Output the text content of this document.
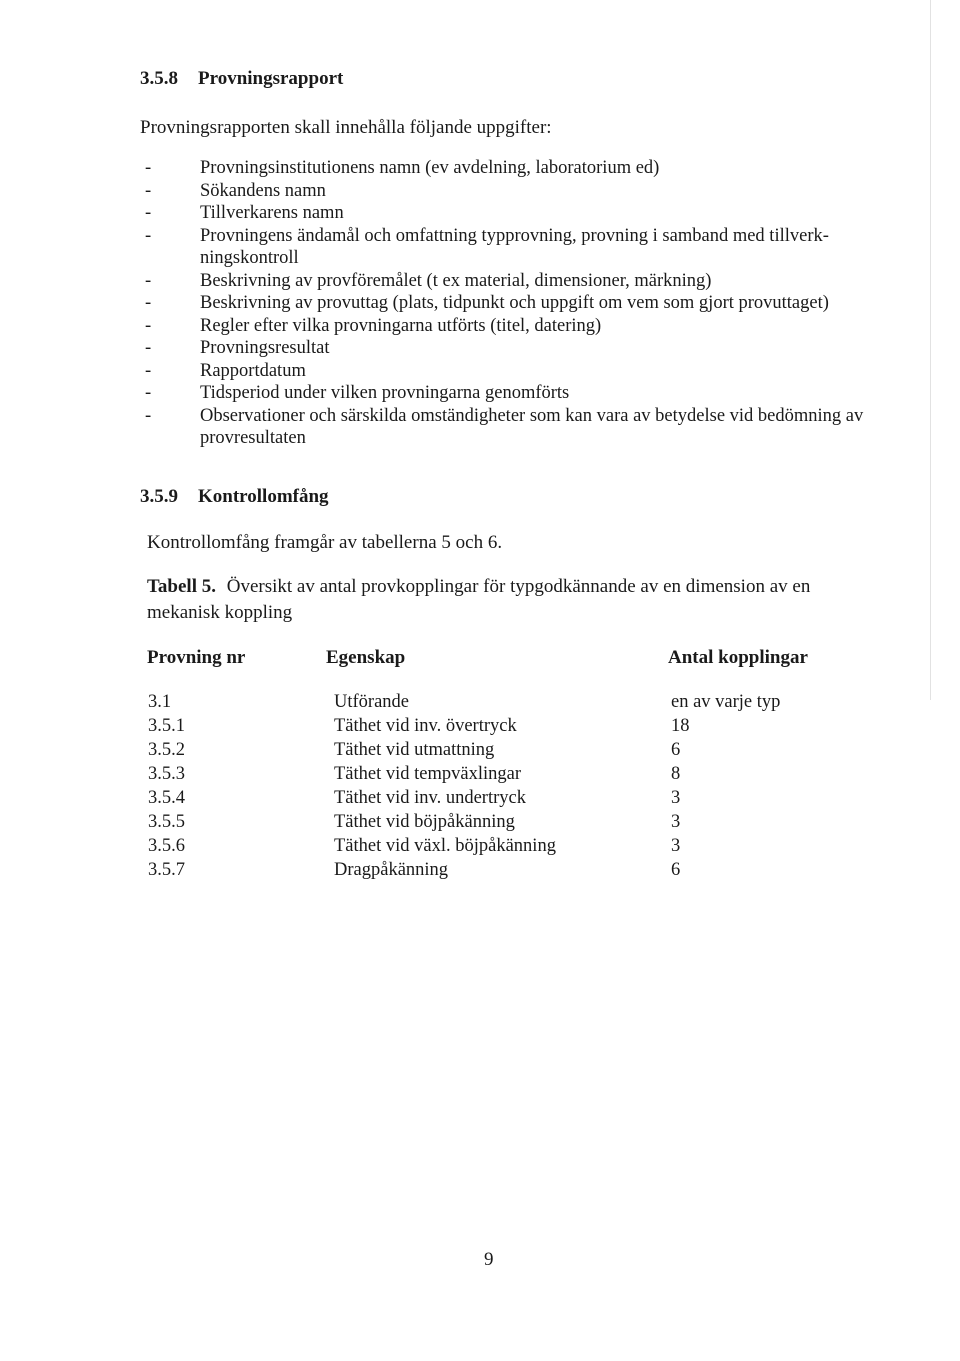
3.5.8 Provningsrapport
Provningsrapporten skall innehålla följande uppgifter:
-	Provningsinstitutionens namn (ev avdelning, laboratorium ed)
-	Sökandens namn
-	Tillverkarens namn
-	Provningens ändamål och omfattning typprovning, provning i samband med tillverk-ningskontroll
-	Beskrivning av provföremålet (t ex material, dimensioner, märkning)
-	Beskrivning av provuttag (plats, tidpunkt och uppgift om vem som gjort provuttaget)
-	Regler efter vilka provningarna utförts (titel, datering)
-	Provningsresultat
-	Rapportdatum
-	Tidsperiod under vilken provningarna genomförts
-	Observationer och särskilda omständigheter som kan vara av betydelse vid bedömning av provresultaten
3.5.9 Kontrollomfång
Kontrollomfång framgår av tabellerna 5 och 6.
Tabell 5. Översikt av antal provkopplingar för typgodkännande av en dimension av en mekanisk koppling
Provning nr	Egenskap	Antal kopplingar
3.1	Utförande	en av varje typ
3.5.1	Täthet vid inv. övertryck	18
3.5.2	Täthet vid utmattning	6
3.5.3	Täthet vid tempväxlingar	8
3.5.4	Täthet vid inv. undertryck	3
3.5.5	Täthet vid böjpåkänning	3
3.5.6	Täthet vid växl. böjpåkänning	3
3.5.7	Dragpåkänning	6
9
